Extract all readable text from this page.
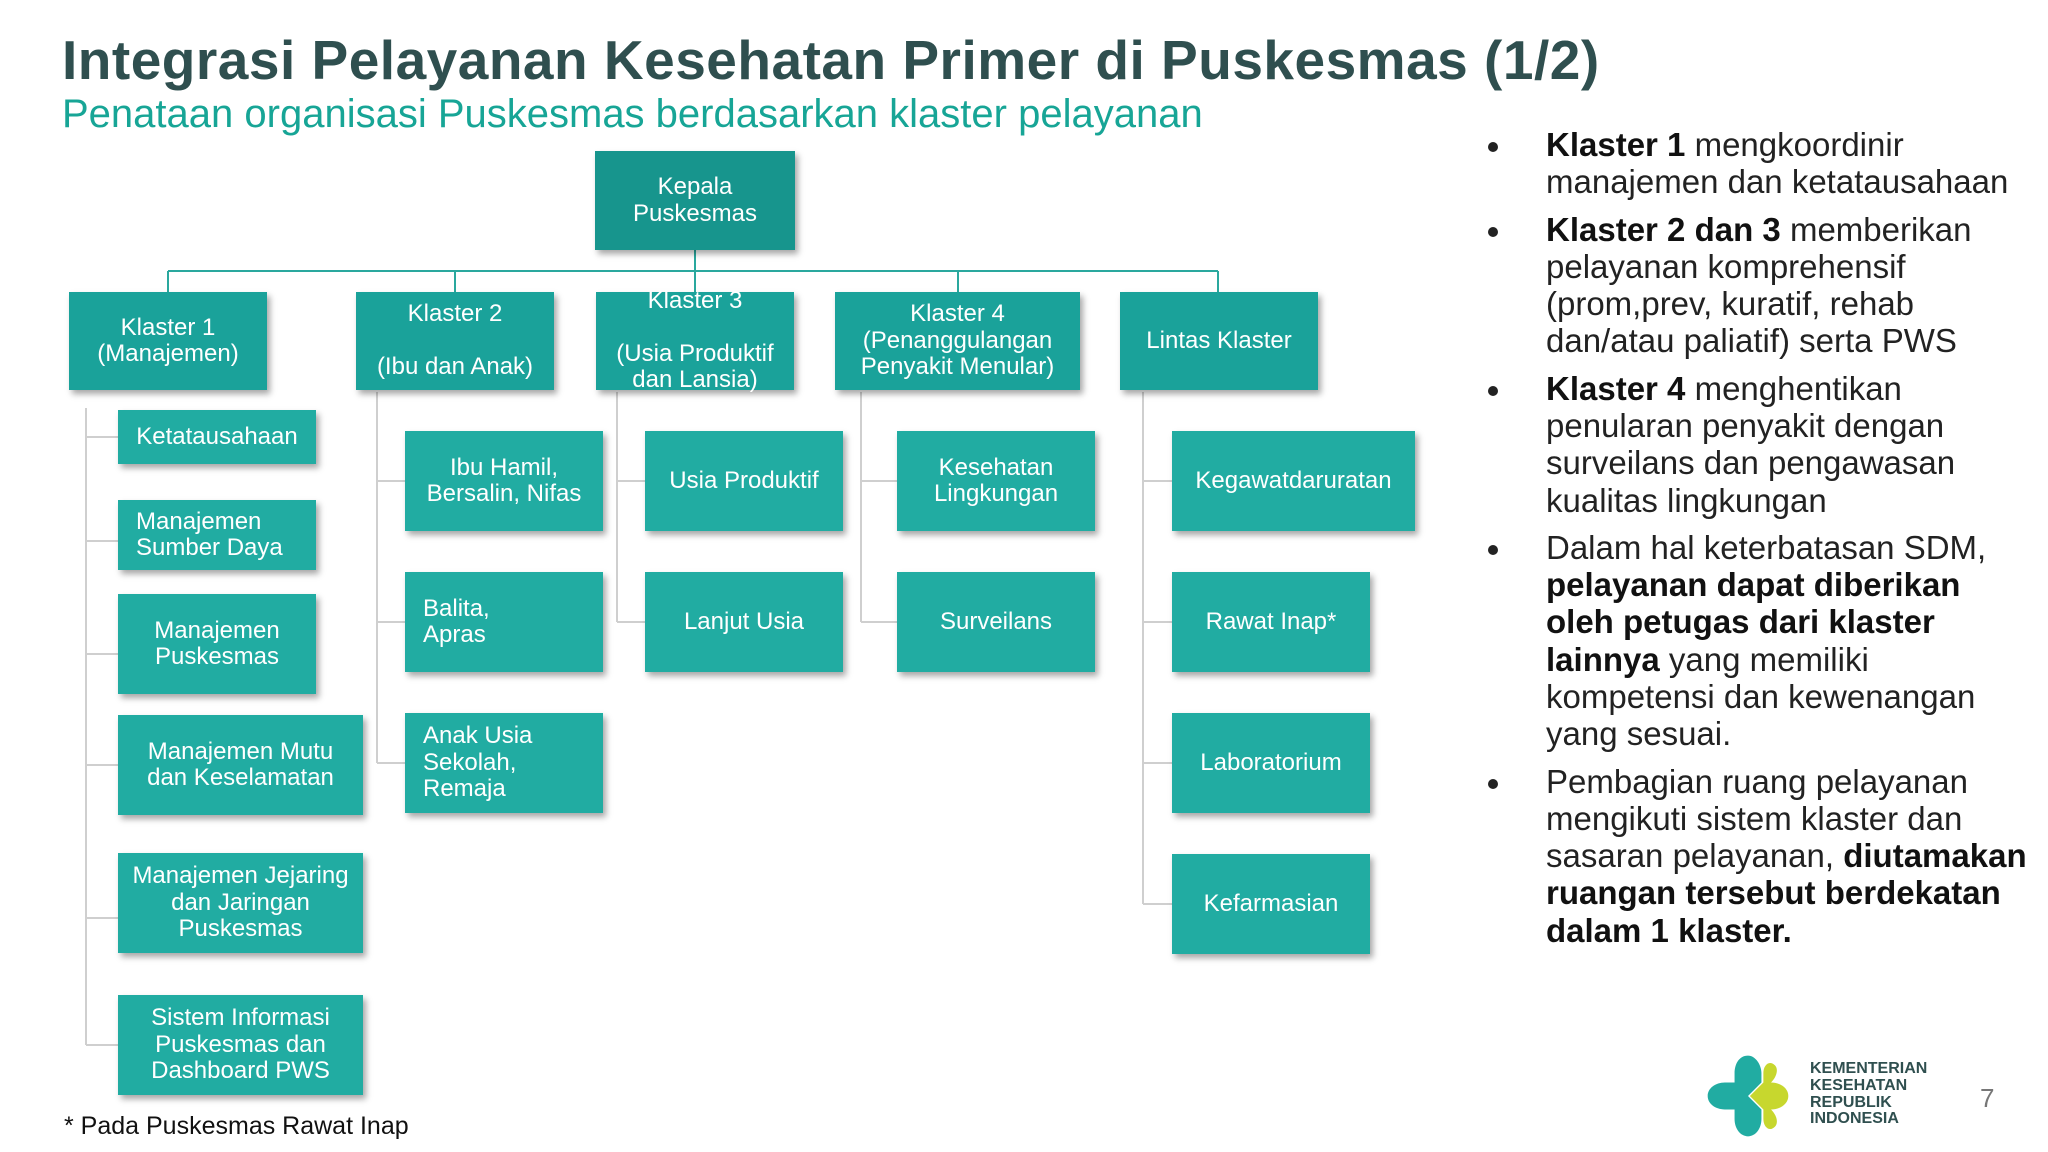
Integrasi Pelayanan Kesehatan Primer di Puskesmas (1/2)
Penataan organisasi Puskesmas berdasarkan klaster pelayanan
Kepala
Puskesmas
Klaster 1
(Manajemen)
Klaster 2

(Ibu dan Anak)
Klaster 3

(Usia Produktif
dan Lansia)
Klaster 4
(Penanggulangan
Penyakit Menular)
Lintas Klaster
Ketatausahaan
Manajemen
Sumber Daya
Manajemen
Puskesmas
Manajemen Mutu
dan Keselamatan
Manajemen Jejaring
dan Jaringan
Puskesmas
Sistem Informasi
Puskesmas dan
Dashboard PWS
Ibu Hamil,
Bersalin, Nifas
Balita,
Apras
Anak Usia
Sekolah,
Remaja
Usia Produktif
Lanjut Usia
Kesehatan
Lingkungan
Surveilans
Kegawatdaruratan
Rawat Inap*
Laboratorium
Kefarmasian
Klaster 1 mengkoordinir manajemen dan ketatausahaan
Klaster 2 dan 3 memberikan pelayanan komprehensif (prom,prev, kuratif, rehab dan/atau paliatif) serta PWS
Klaster 4 menghentikan penularan penyakit dengan surveilans dan pengawasan kualitas lingkungan
Dalam hal keterbatasan SDM, pelayanan dapat diberikan oleh petugas dari klaster lainnya yang memiliki kompetensi dan kewenangan yang sesuai.
Pembagian ruang pelayanan mengikuti sistem klaster dan sasaran pelayanan, diutamakan ruangan tersebut berdekatan dalam 1 klaster.
* Pada Puskesmas Rawat Inap
KEMENTERIAN
KESEHATAN
REPUBLIK
INDONESIA
7
